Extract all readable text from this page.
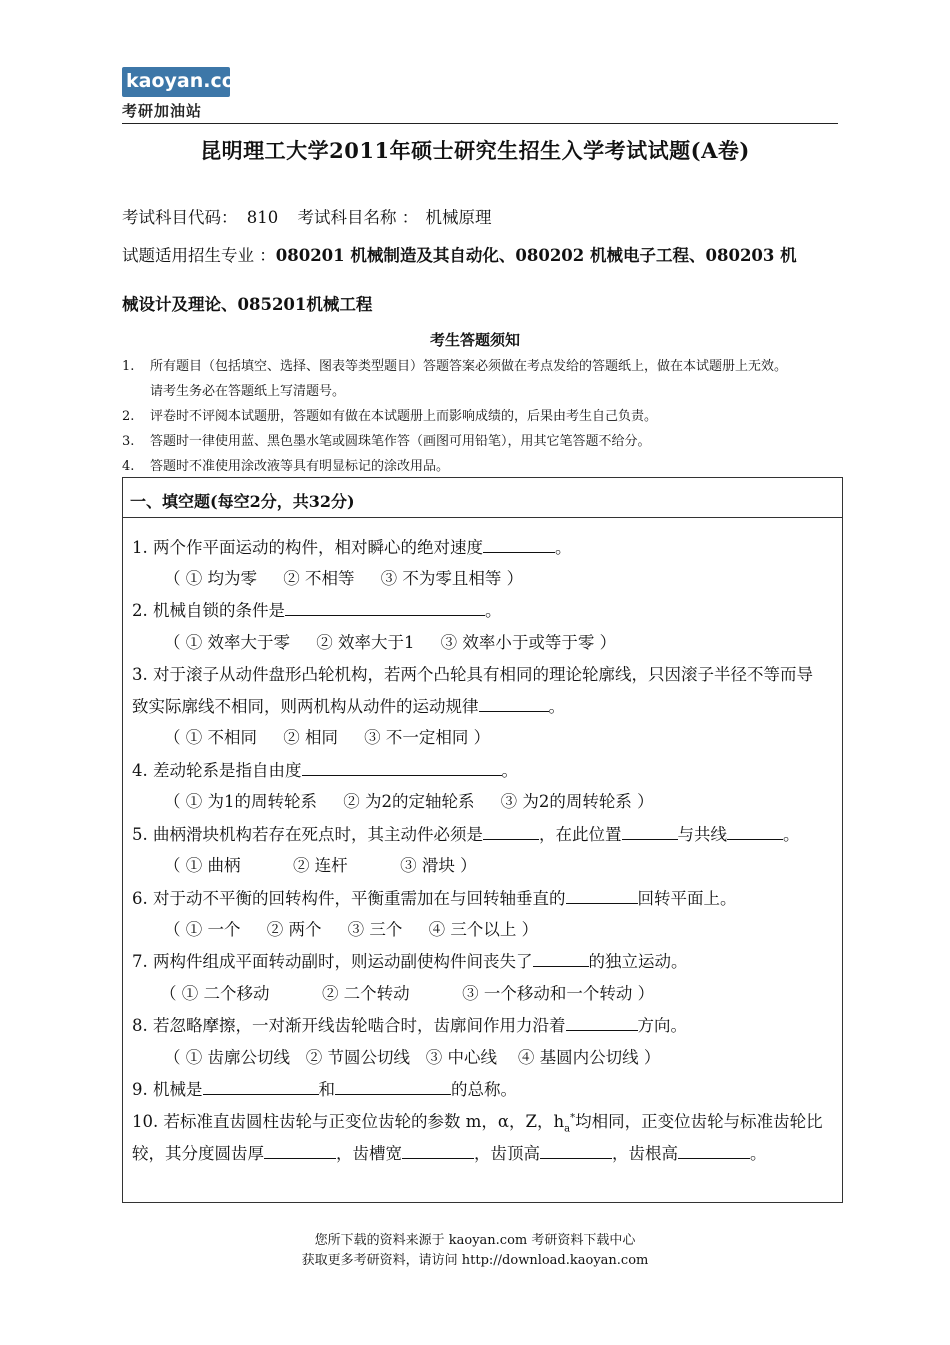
kaoyan.com
考研加油站
昆明理工大学2011年硕士研究生招生入学考试试题(A卷)
考试科目代码： 810 考试科目名称 ： 机械原理
试题适用招生专业 ：080201 机械制造及其自动化、080202 机械电子工程、080203 机
械设计及理论、085201机械工程
考生答题须知
1. 所有题目（包括填空、选择、图表等类型题目）答题答案必须做在考点发给的答题纸上，做在本试题册上无效。
请考生务必在答题纸上写清题号。
2. 评卷时不评阅本试题册，答题如有做在本试题册上而影响成绩的，后果由考生自己负责。
3. 答题时一律使用蓝、黑色墨水笔或圆珠笔作答（画图可用铅笔），用其它笔答题不给分。
4. 答题时不准使用涂改液等具有明显标记的涂改用品。
一、填空题(每空2分，共32分)
1. 两个作平面运动的构件，相对瞬心的绝对速度	。
（ ① 均为零     ② 不相等     ③ 不为零且相等 ）
2. 机械自锁的条件是	。
（ ① 效率大于零     ② 效率大于1     ③ 效率小于或等于零 ）
3. 对于滚子从动件盘形凸轮机构，若两个凸轮具有相同的理论轮廓线，只因滚子半径不等而导
致实际廓线不相同，则两机构从动件的运动规律	。
（ ① 不相同     ② 相同     ③ 不一定相同 ）
4. 差动轮系是指自由度	。
（ ① 为1的周转轮系     ② 为2的定轴轮系     ③ 为2的周转轮系 ）
5. 曲柄滑块机构若存在死点时，其主动件必须是	，在此位置	与共线	。
（ ① 曲柄          ② 连杆          ③ 滑块 ）
6. 对于动不平衡的回转构件，平衡重需加在与回转轴垂直的	回转平面上。
（ ① 一个     ② 两个     ③ 三个     ④ 三个以上 ）
7. 两构件组成平面转动副时，则运动副使构件间丧失了	的独立运动。
（ ① 二个移动          ② 二个转动          ③ 一个移动和一个转动 ）
8. 若忽略摩擦，一对渐开线齿轮啮合时，齿廓间作用力沿着	方向。
（ ① 齿廓公切线   ② 节圆公切线   ③ 中心线    ④ 基圆内公切线 ）
9. 机械是	和	的总称。
10. 若标准直齿圆柱齿轮与正变位齿轮的参数 m，α，Z，$h_a^*$均相同，正变位齿轮与标准齿轮比
较，其分度圆齿厚	，齿槽宽	，齿顶高	，齿根高	。
您所下载的资料来源于 kaoyan.com 考研资料下载中心
获取更多考研资料，请访问 http://download.kaoyan.com
